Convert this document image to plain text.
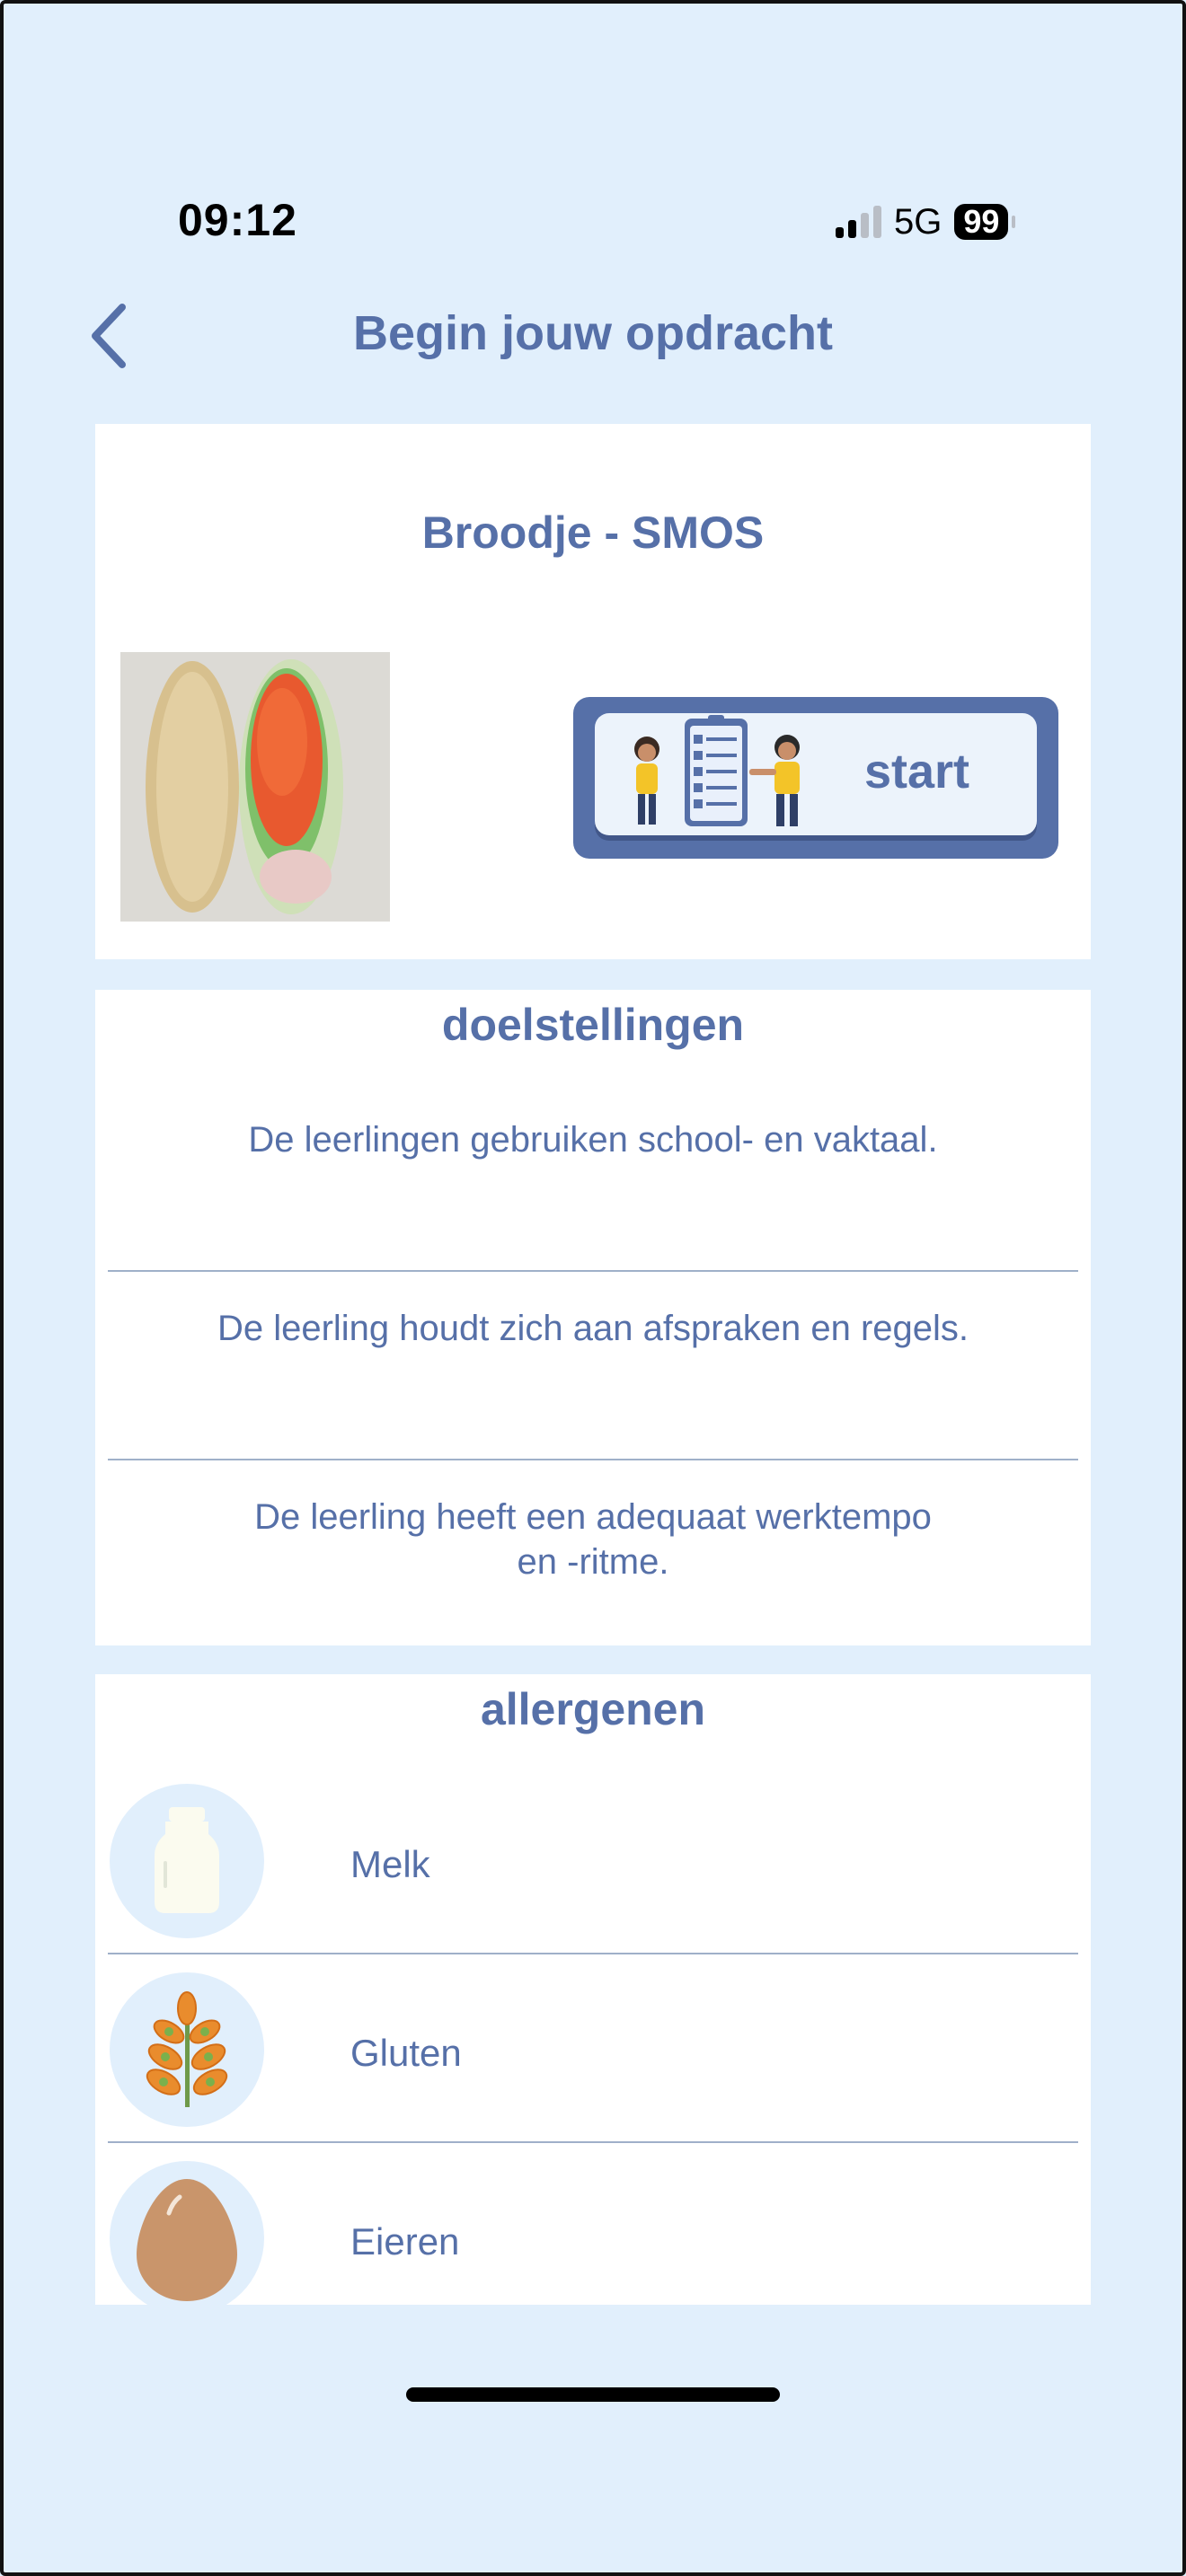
09:12	5G 99
Begin jouw opdracht
Broodje - SMOS
start
doelstellingen
De leerlingen gebruiken school- en vaktaal.
De leerling houdt zich aan afspraken en regels.
De leerling heeft een adequaat werktempo en -ritme.
allergenen
Melk
Gluten
Eieren
